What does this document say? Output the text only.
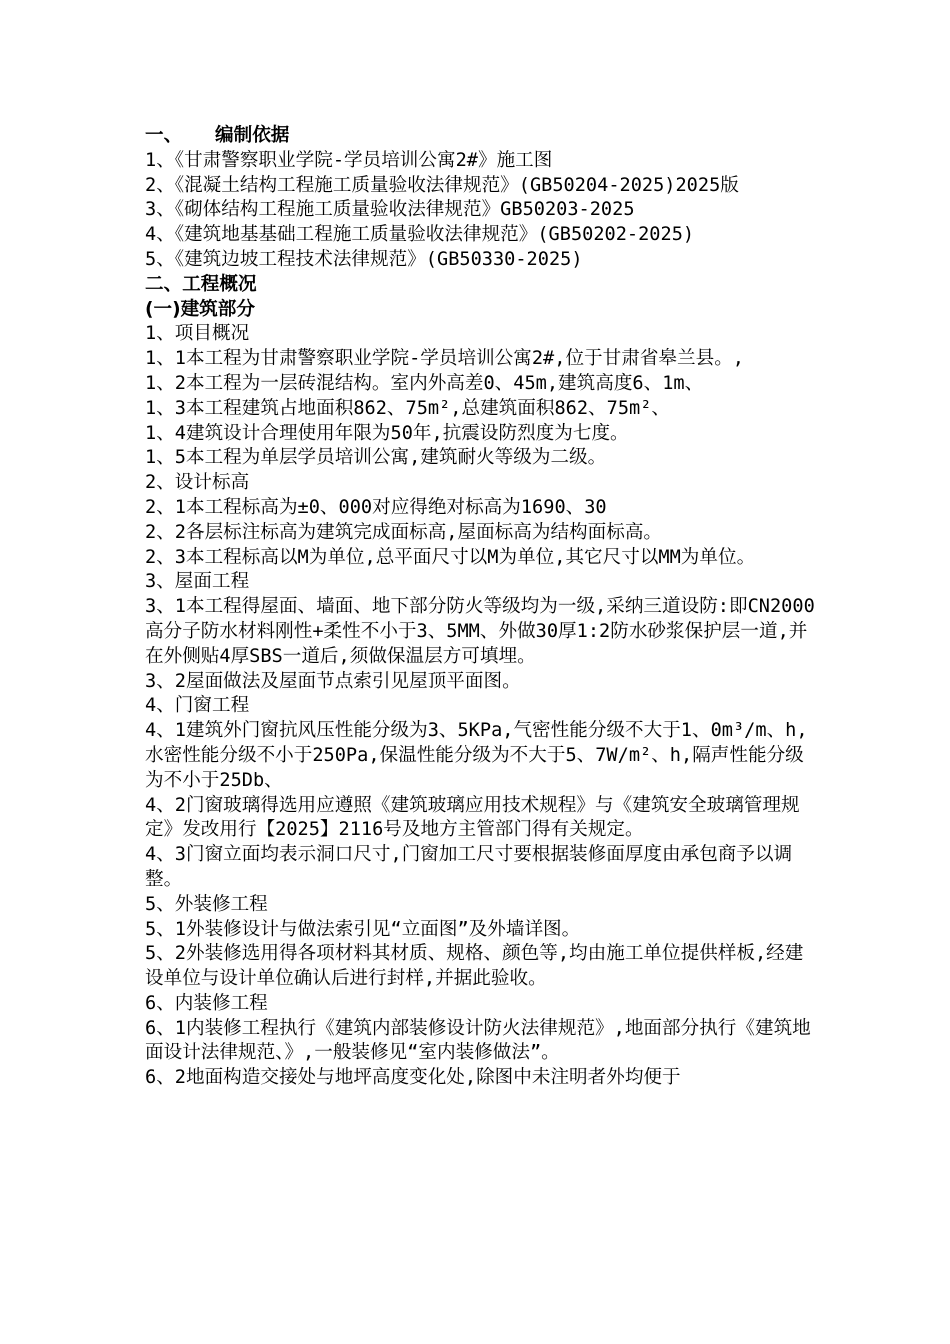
一、 编制依据
1、《甘肃警察职业学院-学员培训公寓2#》施工图
2、《混凝土结构工程施工质量验收法律规范》(GB50204-2025)2025版
3、《砌体结构工程施工质量验收法律规范》GB50203-2025
4、《建筑地基基础工程施工质量验收法律规范》(GB50202-2025)
5、《建筑边坡工程技术法律规范》(GB50330-2025)
二、工程概况
(一)建筑部分
1、项目概况
1、1本工程为甘肃警察职业学院-学员培训公寓2#,位于甘肃省皋兰县。,
1、2本工程为一层砖混结构。室内外高差0、45m,建筑高度6、1m、
1、3本工程建筑占地面积862、75m²,总建筑面积862、75m²、
1、4建筑设计合理使用年限为50年,抗震设防烈度为七度。
1、5本工程为单层学员培训公寓,建筑耐火等级为二级。
2、设计标高
2、1本工程标高为±0、000对应得绝对标高为1690、30
2、2各层标注标高为建筑完成面标高,屋面标高为结构面标高。
2、3本工程标高以M为单位,总平面尺寸以M为单位,其它尺寸以MM为单位。
3、屋面工程
3、1本工程得屋面、墙面、地下部分防火等级均为一级,采纳三道设防:即CN2000高分子防水材料刚性+柔性不小于3、5MM、外做30厚1:2防水砂浆保护层一道,并在外侧贴4厚SBS一道后,须做保温层方可填埋。
3、2屋面做法及屋面节点索引见屋顶平面图。
4、门窗工程
4、1建筑外门窗抗风压性能分级为3、5KPa,气密性能分级不大于1、0m³/m、h,水密性能分级不小于250Pa,保温性能分级为不大于5、7W/m²、h,隔声性能分级为不小于25Db、
4、2门窗玻璃得选用应遵照《建筑玻璃应用技术规程》与《建筑安全玻璃管理规定》发改用行【2025】2116号及地方主管部门得有关规定。
4、3门窗立面均表示洞口尺寸,门窗加工尺寸要根据装修面厚度由承包商予以调整。
5、外装修工程
5、1外装修设计与做法索引见“立面图”及外墙详图。
5、2外装修选用得各项材料其材质、规格、颜色等,均由施工单位提供样板,经建设单位与设计单位确认后进行封样,并据此验收。
6、内装修工程
6、1内装修工程执行《建筑内部装修设计防火法律规范》,地面部分执行《建筑地面设计法律规范、》,一般装修见“室内装修做法”。
6、2地面构造交接处与地坪高度变化处,除图中未注明者外均便于
